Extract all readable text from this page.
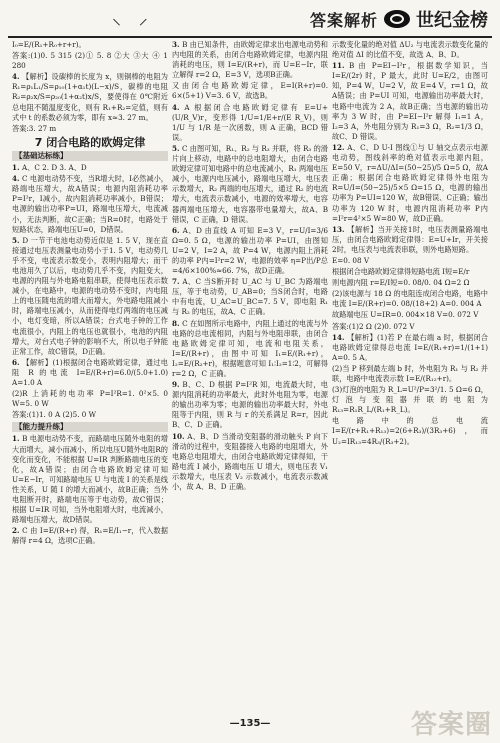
⸜ ⸝	答案解析 世纪金榜

I₀=E/(R₁+R₀+r+r)。

答案:(1)0. 5 315 (2)① 5. 8 ②大 ③大 ④ 1 280

4. 【解析】设碳棒的长度为 x，则铜棒的电阻为 R₁=ρ₁L₁/S=ρ₁₀(1+α₁t)(L−x)/S，碳棒的电阻 R₂=ρ₂x/S=ρ₂₀(1+α₂t)x/S，要使得在 0℃附近总电阻不随温度变化，则有 R₁+R₂=定值，则有式中 t 的系数必须为零，即有 x≈3. 27 m。

答案:3. 27 m

7 闭合电路的欧姆定律
【基础达标练】

1. A、C 2. D 3. A、D

4. C 电源电动势不变，当R增大时，I必然减小，路端电压增大，故A错误；电源内阻消耗功率P=I²r，I减小，故内阻消耗功率减小，B错误；电源的输出功率P=UI，路端电压增大，电流减小，无法判断，故C正确；当R=0时，电路处于短路状态，路端电压U=0，D错误。

5. D 一节干电池电动势近似是 1. 5 V，现在直接通过电压表测量电动势小于1. 5 V，电动势几乎不变，电流表示数变小，表明内阻增大；而干电池用久了以后，电动势几乎不变，内阻变大，电源的内阻与外电路电阻串联，使得电压表示数减小，在电路中，电源的电动势不变时，内电阻上的电压随电流的增大而增大，外电路电阻减小时，路端电压减小，从而使得电灯两端的电压减小，电灯变暗，所以A错误；台式电子钟的工作电流很小，内阻上的电压也就很小，电池的内阻增大，对台式电子钟的影响不大，所以电子钟能正常工作，故C错误，D正确。

6. 【解析】(1)根据闭合电路欧姆定律，通过电阻 R 的电流 I=E/(R+r)=6.0/(5.0+1.0) A=1.0 A

(2)R 上消耗的电功率 P=I²R=1. 0²×5. 0 W=5. 0 W

答案:(1)1. 0 A (2)5. 0 W

【能力提升练】

1. B 电源电动势不变，而路端电压随外电阻的增大而增大，减小而减小，所以电压U随外电阻R的变化而变化，不能根据 U=IR 判断路端电压的变化，故A错误；由闭合电路欧姆定律可知 U=E−Ir，可知路端电压 U 与电流 I 的关系是线性关系，U 随 I 的增大而减小，故B正确；当外电阻断开时，路端电压等于电动势，故C错误；根据 U=IR 可知，当外电阻增大时，电流减小，路端电压增大，故D错误。

2. C 由 I=E/(R+r) 得，R₁=E/I₁−r，代入数据解得 r=4 Ω，选项C正确。

3. B 由已知条件，由欧姆定律求出电源电动势和内电阻的关系，由闭合电路欧姆定律，电源内阻消耗的电压，则 I=E/(R+r)，而 U=E−Ir，联立解得 r=2 Ω，E=3 V，选项B正确。

又由闭合电路欧姆定律，E=I(R+r)=0. 6×(5+1) V=3. 6 V，故选B。

4. A 根据闭合电路欧姆定律有 E=U+(U/R_V)r，变形得 1/U=1/E+r/(E R_V)，则 1/U 与 1/R 是一次函数，则 A 正确，BCD 错误。

5. C 由图可知，R₁、R₂ 与 R₃ 并联，将 R₃ 的滑片向上移动，电路中的总电阻增大，由闭合电路欧姆定律可知电路中的总电流减小，R₁ 两端电压减小，电源内电压减小，路端电压增大，电压表示数增大，R₂ 两端的电压增大，通过 R₂ 的电流增大，电流表示数减小，电源的效率增大，电容器两端电压增大，电容器带电量增大，故A、B 错误，C 正确，D 错误。

6. A、D 由直线 A 可知 E=3 V，r=U/I=3/6 Ω=0. 5 Ω，电源的输出功率 P=UI，由图知 U=2 V，I=2 A，故 P=4 W，电源内阻上消耗的功率 P内=I²r=2 W，电源的效率 η=P出/P总=4/6×100%≈66. 7%，故D正确。

7. A、C 当S断开时 U_AC 与 U_BC 为路端电压，等于电动势，U_AB=0；当S闭合时，电路中有电流，U_AC=U_BC=7. 5 V，即电阻 R₁ 与 R₂ 的电压，故A、C 正确。

8. C 在如图所示电路中，内阻上通过的电流与外电路的总电流相同，内阻与外电阻串联，由闭合电路欧姆定律可知，电流和电阻关系，I=E/(R+r)，由图中可知 I₁=E/(R₁+r)，I₂=E/(R₂+r)，根据题意可知 I₁∶I₂=1∶2，可解得 r=2 Ω，C 正确。

9. B、C、D 根据 P=I²R 知，电流最大时，电源内阻消耗的功率最大，此时外电阻为零，电源的输出功率为零；电源的输出功率最大时，外电阻等于内阻，则 R 与 r 的关系满足 R=r，因此 B、C、D 正确。

10. A、B、D 当滑动变阻器的滑动触头 P 向下滑动的过程中，变阻器接入电路的电阻增大，外电路总电阻增大，由闭合电路欧姆定律得知，干路电流 I 减小，路端电压 U 增大，则电压表 V₁ 示数增大，电压表 V₂ 示数减小，电流表示数减小，故 A、B、D 正确。

示数变化量的绝对值 ΔU₂ 与电流表示数变化量的绝对值 ΔI 的比值不变，故选 A、B、D。

11. B 由 P=EI−I²r，根据数学知识，当 I=E/(2r) 时，P 最大，此时 U=E/2，由图可知，P=4 W，U=2 V，故 E=4 V，r=1 Ω，故A错误；由 P=UI 可知，电源输出功率最大时，电路中电流为 2 A，故B正确；当电源的输出功率为 3 W 时，由 P=EI−I²r 解得 I₁=1 A，I₂=3 A，外电阻分别为 R₁=3 Ω，R₂=1/3 Ω，故C、D 错误。

12. A、C、D U-I 图线①与 U 轴交点表示电源电动势，图线斜率的绝对值表示电源内阻，E=50 V，r=ΔU/ΔI=(50−25)/5 Ω=5 Ω，故A正确；根据闭合电路欧姆定律得外电阻为 R=U/I=(50−25)/5×5 Ω=15 Ω，电源的输出功率为 P=UI=120 W，故B错误、C正确；输出功率为 120 W 时，电源内阻消耗功率 P内=I²r=4²×5 W=80 W，故D正确。

13. 【解析】当开关接1时，电压表测量路端电压，由闭合电路欧姆定律得：E=U+Ir，开关接2时，电压表与电流表串联，则外电路短路。

E=0. 08 V

根据闭合电路欧姆定律得短路电流 I短=E/r

则电源内阻 r=E/I短=0. 08/0. 04 Ω=2 Ω

(2)该电源与 18 Ω 的电阻连成闭合电路，电路中电流 I=E/(R+r)=0. 08/(18+2) A=0. 004 A

故路端电压 U=IR=0. 004×18 V=0. 072 V

答案:(1)2 Ω (2)0. 072 V

14. 【解析】(1)若 P 在最右端 a 时，根据闭合电路欧姆定律得总电流 I=E/(R₁+r)=1/(1+1) A=0. 5 A。

(2)当 P 移到最左端 b 时，外电阻为 R₁ 与 R₂ 并联，电路中电流表示数 I=E/(R₁₂+r)。

(3)灯泡的电阻为 R_L=U²/P=3²/1. 5 Ω=6 Ω，灯泡与变阻器并联的电阻为 R₁₃=R₁R_L/(R₁+R_L)。

电路中的总电流 I=E/(r+R₁+R₁₃)=2(6+R₃)/(3R₃+6)，而 U₂=IR₁₃=4R₃/(R₃+2)。

—135—	答案圈
